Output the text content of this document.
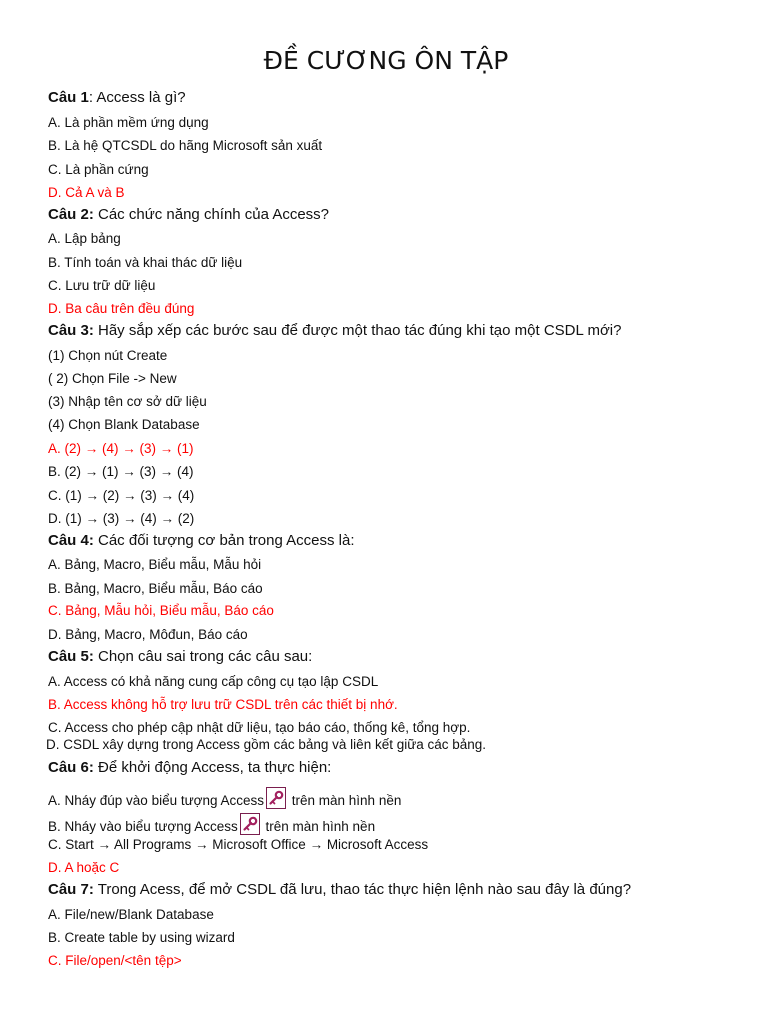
ĐỀ CƯƠNG ÔN TẬP
Câu 1: Access là gì?
A. Là phần mềm ứng dụng
B. Là hệ QTCSDL do hãng Microsoft sản xuất
C. Là phần cứng
D. Cả A và B
Câu 2: Các chức năng chính của Access?
A. Lập bảng
B. Tính toán và khai thác dữ liệu
C. Lưu trữ dữ liệu
D. Ba câu trên đều đúng
Câu 3: Hãy sắp xếp các bước sau để được một thao tác đúng khi tạo một CSDL mới?
(1) Chọn nút Create
( 2) Chọn File -> New
(3) Nhập tên cơ sở dữ liệu
(4) Chọn Blank Database
A. (2) → (4) → (3) → (1)
B. (2) → (1) → (3) → (4)
C. (1) → (2) → (3) → (4)
D. (1) → (3) → (4) → (2)
Câu 4: Các đối tượng cơ bản trong Access là:
A. Bảng, Macro, Biểu mẫu, Mẫu hỏi
B. Bảng, Macro, Biểu mẫu, Báo cáo
C. Bảng, Mẫu hỏi, Biểu mẫu, Báo cáo
D. Bảng, Macro, Môđun, Báo cáo
Câu 5: Chọn câu sai trong các câu sau:
A. Access có khả năng cung cấp công cụ tạo lập CSDL
B. Access không hỗ trợ lưu trữ CSDL trên các thiết bị nhớ.
C. Access cho phép cập nhật dữ liệu, tạo báo cáo, thống kê, tổng hợp.
D. CSDL xây dựng trong Access gồm các bảng và liên kết giữa các bảng.
Câu 6: Để khởi động Access, ta thực hiện:
A. Nháy đúp vào biểu tượng Access
trên màn hình nền
B. Nháy vào biểu tượng Access
trên màn hình nền
C. Start → All Programs → Microsoft Office → Microsoft Access
D. A hoặc C
Câu 7: Trong Acess, để mở CSDL đã lưu, thao tác thực hiện lệnh nào sau đây là đúng?
A. File/new/Blank Database
B. Create table by using wizard
C. File/open/<tên tệp>
